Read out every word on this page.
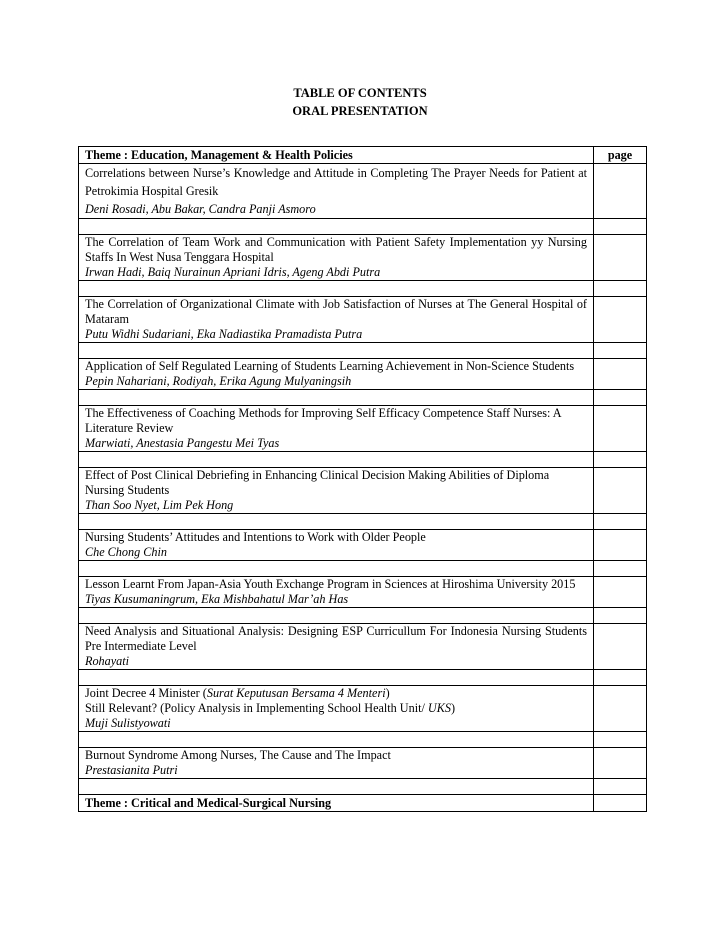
TABLE OF CONTENTS
ORAL PRESENTATION
Theme : Education, Management & Health Policies	page

Correlations between Nurse’s Knowledge and Attitude in Completing The Prayer Needs for Patient at Petrokimia Hospital Gresik
Deni Rosadi, Abu Bakar, Candra Panji Asmoro	

The Correlation of Team Work and Communication with Patient Safety Implementation yy Nursing Staffs In West Nusa Tenggara Hospital
Irwan Hadi, Baiq Nurainun Apriani Idris, Ageng Abdi Putra	

The Correlation of Organizational Climate with Job Satisfaction of Nurses at The General Hospital of Mataram
Putu Widhi Sudariani, Eka Nadiastika Pramadista Putra	

Application of Self Regulated Learning of Students Learning Achievement in Non-Science Students
Pepin Nahariani, Rodiyah, Erika Agung Mulyaningsih	

The Effectiveness of Coaching Methods for Improving Self Efficacy Competence Staff Nurses: A Literature Review
Marwiati, Anestasia Pangestu Mei Tyas	

Effect of Post Clinical Debriefing in Enhancing Clinical Decision Making Abilities of Diploma Nursing Students
Than Soo Nyet, Lim Pek Hong	

Nursing Students’ Attitudes and Intentions to Work with Older People
Che Chong Chin	

Lesson Learnt From Japan-Asia Youth Exchange Program in Sciences at Hiroshima University 2015
Tiyas Kusumaningrum, Eka Mishbahatul Mar’ah Has	

Need Analysis and Situational Analysis: Designing ESP Curricullum For Indonesia Nursing Students Pre Intermediate Level
Rohayati	

Joint Decree 4 Minister (Surat Keputusan Bersama 4 Menteri)
Still Relevant? (Policy Analysis in Implementing School Health Unit/ UKS)
Muji Sulistyowati	

Burnout Syndrome Among Nurses, The Cause and The Impact
Prestasianita Putri	

Theme : Critical and Medical-Surgical Nursing	
